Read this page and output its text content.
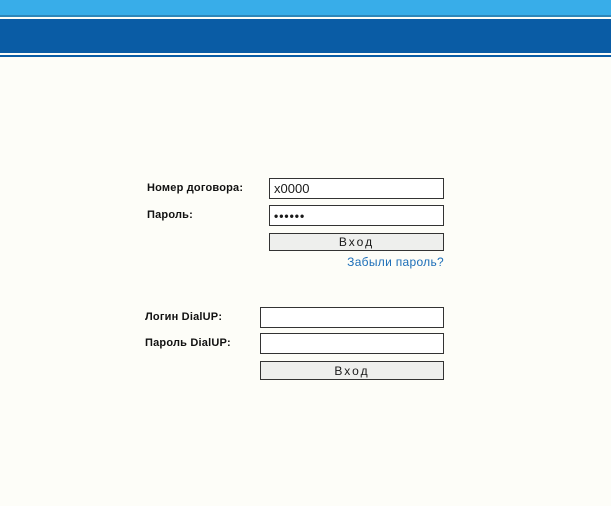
Номер договора:
x0000
Пароль:
••••••
Вход
Забыли пароль?
Логин DialUP:
Пароль DialUP:
Вход
